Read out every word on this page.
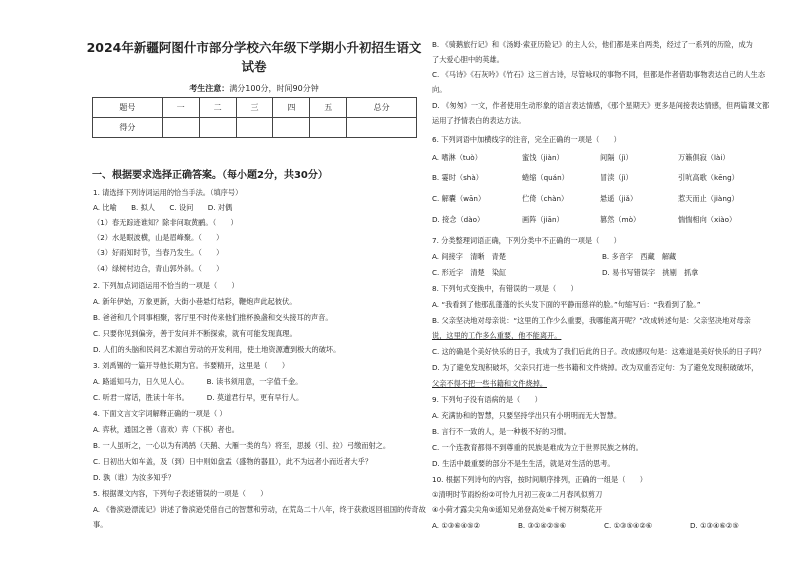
2024年新疆阿图什市部分学校六年级下学期小升初招生语文
试卷
考生注意：满分100分，时间90分钟
题号	一	二	三	四	五	总分
得分						
一、根据要求选择正确答案。（每小题2分，共30分）
1. 请选择下列诗词运用的恰当手法。（填序号）
A. 比喻　　B. 拟人　　C. 设问　　D. 对偶
（1）春无踪迹谁知？除非问取黄鹂。（　　）
（2）水是眼波横，山是眉峰聚。（　　）
（3）好雨知时节，当春乃发生。（　　）
（4）绿树村边合，青山郭外斜。（　　）
2. 下列加点词语运用不恰当的一项是（　　）
A. 新年伊始，万象更新，大街小巷悬灯结彩，鞭炮声此起彼伏。
B. 爸爸和几个同事相聚，客厅里不时传来他们推杯换盏和交头接耳的声音。
C. 只要你见到偏旁，善于发问并不断探索，就有可能发现真理。
D. 人们的头脑和民间艺术源自劳动的开发利用，使土地资源遭到极大的破坏。
3. 刘禹锡的一篇开导他长期为官。书要精开，这里是（　　）
A. 路遥知马力，日久见人心。　　　B. 读书须用意，一字值千金。
C. 听君一席话，胜读十年书。　　　D. 莫道君行早，更有早行人。
4. 下面文言文字词解释正确的一项是（ ）
A. 弈秋，通国之善（喜欢）弈（下棋）者也。
B. 一人虽听之，一心以为有鸿鹄（天鹅、大雁一类的鸟）将至，思援（引、拉）弓缴而射之。
C. 日初出大如车盖，及（到）日中则如盘盂（盛物的器皿），此不为远者小而近者大乎？
D. 孰（谁）为汝多知乎？
5. 根据课文内容，下列句子表述错误的一项是（　　）
A. 《鲁滨逊漂流记》讲述了鲁滨逊凭借自己的智慧和劳动，在荒岛二十八年，终于获救返回祖国的传奇故
事。
B. 《骑鹅旅行记》和《汤姆·索亚历险记》的主人公，他们都是来自两类，经过了一系列的历险，成为
了大爱心胆中的英雄。
C. 《马诗》《石灰吟》《竹石》这三首古诗，尽管咏叹的事物不同，但都是作者借助事物表达自己的人生态
向。
D. 《匆匆》一文，作者使用生动形象的语言表达情感，《那个星期天》更多是间接表达情感，但两篇课文都
运用了抒情表白的表达方法。
6. 下列词语中加横线字的注音，完全正确的一项是（　　）
A. 嗜淋（tuò）	蜜饯（jiàn）	间隔（jì）	万籁俱寂（lài）
B. 霎时（shà）	蜷缩（quán）	冒渎（jì）	引吭高歌（kēng）
C. 解囊（wān）	伫倚（chàn）	悬遥（jiǎ）	惹天而止（jiàng）
D. 接念（dào）	画阵（jiān）	篡然（mò）	惴惴相向（xiào）
7. 分类整理词语正确，下列分类中不正确的一项是（　　）
A. 间接字　清晰　青楚	B. 多音字　西藏　解藏
C. 形近字　清楚　染缸	D. 易书写错误字　挑剔　抓拿
8. 下列句式变换中，有错误的一项是（　　）
A. “我看到了他那乱蓬蓬的长头发下面的平静而慈祥的脸。”句缩写后：“我看到了脸。”
B. 父亲坚决地对母亲说：“这里的工作少么重要，我哪能离开呢？”改成转述句是：父亲坚决地对母亲
说，这里的工作多么重要，他不能离开。
C. 这的确是个美好快乐的日子，我成为了我们后此的日子。改成感叹句是：这难道是美好快乐的日子吗？
D. 为了避免发现积破坏，父亲只打进一些书籍和文件烧掉。改为双重否定句：为了避免发现积破破坏，
父亲不得不把一些书籍和文件烧掉。
9. 下列句子没有语病的是（　　）
A. 充满协和的智慧，只要坚持学出只有小明明而无大智慧。
B. 言行不一致的人，是一种极不好的习惯。
C. 一个连教育都得不到尊重的民族是难成为立于世界民族之林的。
D. 生活中最重要的部分不是生生活，就是对生活的思考。
10. 根据下列诗句的内容，按时间顺序排列，正确的一组是（　　）
①清明时节雨纷纷②可怜九月初三夜③二月春风似剪刀
④小荷才露尖尖角⑤遥知兄弟登高处⑥千树万树梨花开
A. ①③⑥④⑤②	B. ③①④②⑤⑥	C. ①③⑤④②⑥	D. ①③④⑥②⑤
